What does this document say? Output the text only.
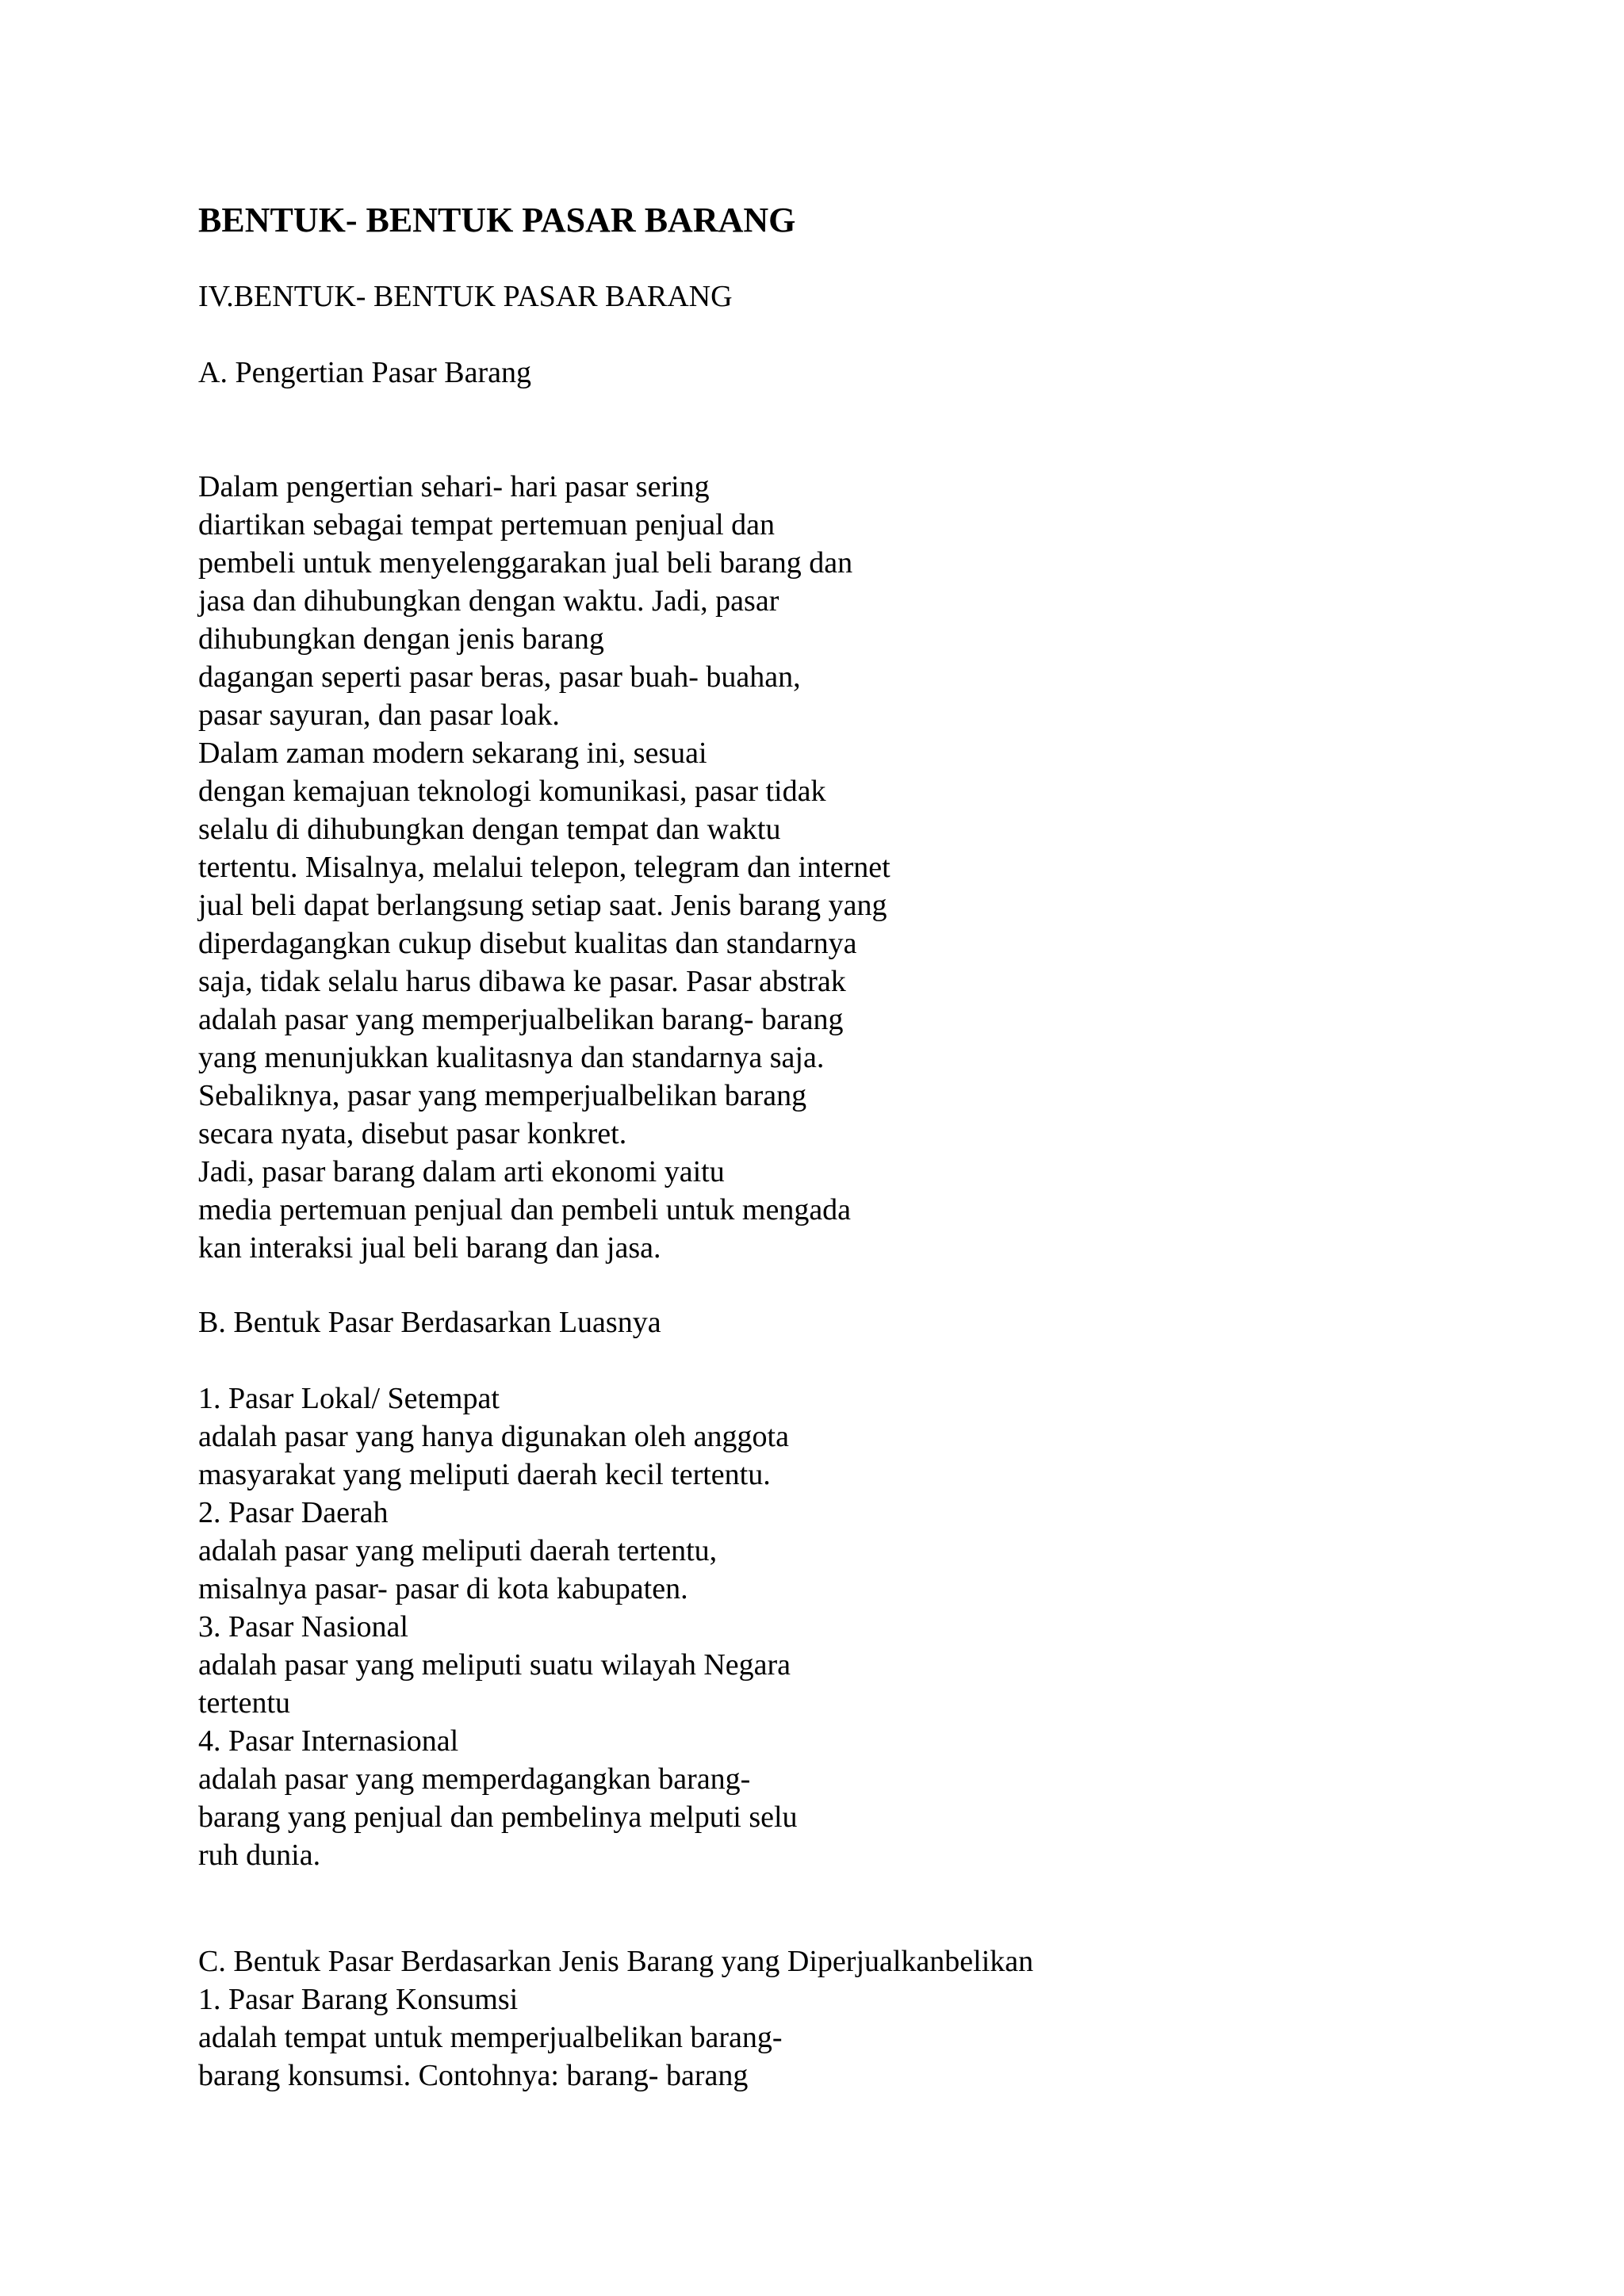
BENTUK- BENTUK PASAR BARANG

IV.BENTUK- BENTUK PASAR BARANG

A. Pengertian Pasar Barang

Dalam pengertian sehari- hari pasar sering
diartikan sebagai tempat pertemuan penjual dan
pembeli untuk menyelenggarakan jual beli barang dan
jasa dan dihubungkan dengan waktu. Jadi, pasar
dihubungkan dengan jenis barang
dagangan seperti pasar beras, pasar buah- buahan,
pasar sayuran, dan pasar loak.
Dalam zaman modern sekarang ini, sesuai
dengan kemajuan teknologi komunikasi, pasar tidak
selalu di dihubungkan dengan tempat dan waktu
tertentu. Misalnya, melalui telepon, telegram dan internet
jual beli dapat berlangsung setiap saat. Jenis barang yang
diperdagangkan cukup disebut kualitas dan standarnya
saja, tidak selalu harus dibawa ke pasar. Pasar abstrak
adalah pasar yang memperjualbelikan barang- barang
yang menunjukkan kualitasnya dan standarnya saja.
Sebaliknya, pasar yang memperjualbelikan barang
secara nyata, disebut pasar konkret.
Jadi, pasar barang dalam arti ekonomi yaitu
media pertemuan penjual dan pembeli untuk mengada
kan interaksi jual beli barang dan jasa.

B. Bentuk Pasar Berdasarkan Luasnya

1. Pasar Lokal/ Setempat
adalah pasar yang hanya digunakan oleh anggota
masyarakat yang meliputi daerah kecil tertentu.
2. Pasar Daerah
adalah pasar yang meliputi daerah tertentu,
misalnya pasar- pasar di kota kabupaten.
3. Pasar Nasional
adalah pasar yang meliputi suatu wilayah Negara
tertentu
4. Pasar Internasional
adalah pasar yang memperdagangkan barang-
barang yang penjual dan pembelinya melputi selu
ruh dunia.
C. Bentuk Pasar Berdasarkan Jenis Barang yang Diperjualkanbelikan
1. Pasar Barang Konsumsi
adalah tempat untuk memperjualbelikan barang-
barang konsumsi. Contohnya: barang- barang
